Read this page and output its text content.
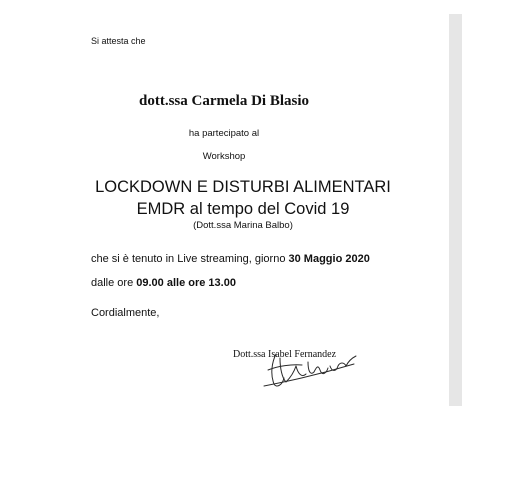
Si attesta che
dott.ssa Carmela Di Blasio
ha partecipato al
Workshop
LOCKDOWN E DISTURBI ALIMENTARI
EMDR al tempo del Covid 19
(Dott.ssa Marina Balbo)
che si è tenuto in Live streaming, giorno 30 Maggio 2020
dalle ore 09.00 alle ore 13.00
Cordialmente,
Dott.ssa Isabel Fernandez
